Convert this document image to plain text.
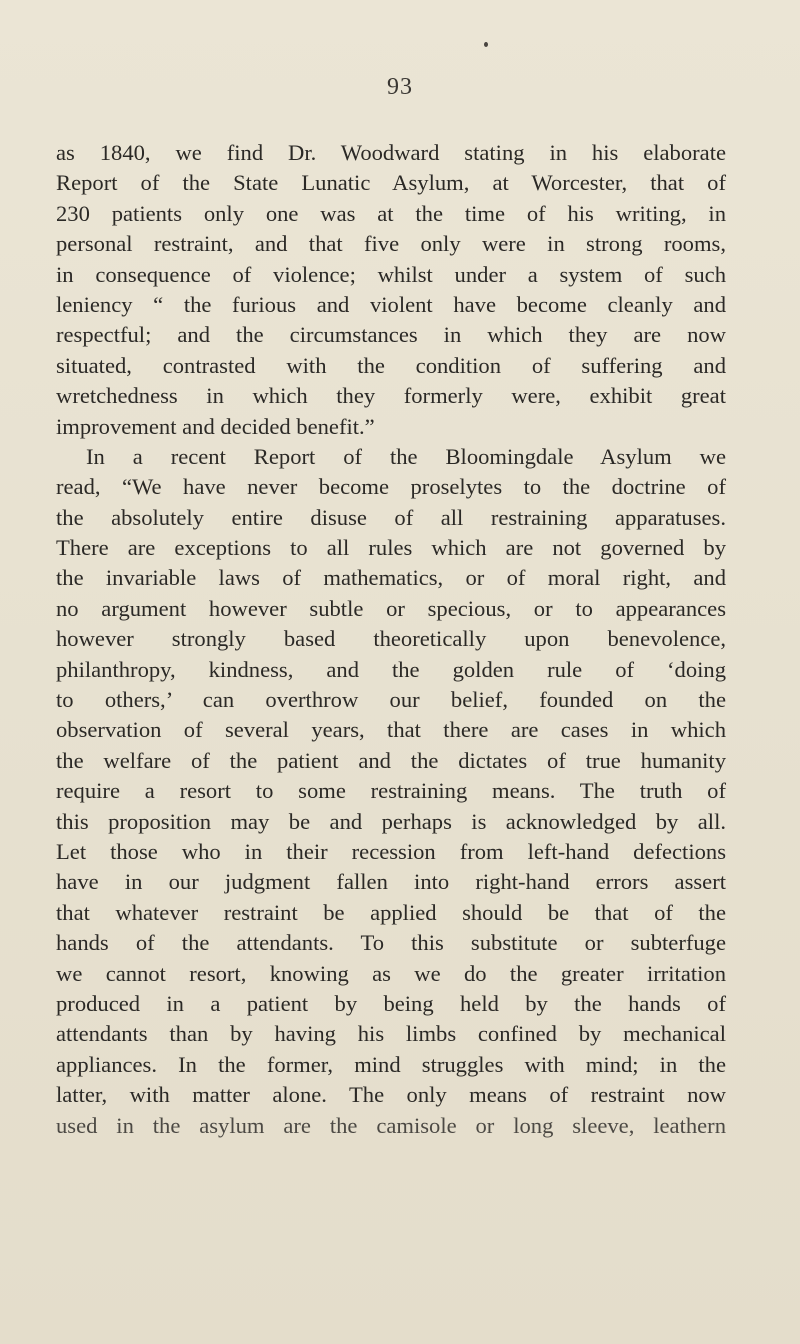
93
as 1840, we find Dr. Woodward stating in his elaborate
Report of the State Lunatic Asylum, at Worcester, that of
230 patients only one was at the time of his writing, in
personal restraint, and that five only were in strong rooms,
in consequence of violence; whilst under a system of such
leniency “ the furious and violent have become cleanly and
respectful; and the circumstances in which they are now
situated, contrasted with the condition of suffering and
wretchedness in which they formerly were, exhibit great
improvement and decided benefit.”
In a recent Report of the Bloomingdale Asylum we
read, “We have never become proselytes to the doctrine of
the absolutely entire disuse of all restraining apparatuses.
There are exceptions to all rules which are not governed by
the invariable laws of mathematics, or of moral right, and
no argument however subtle or specious, or to appearances
however strongly based theoretically upon benevolence,
philanthropy, kindness, and the golden rule of ‘doing
to others,’ can overthrow our belief, founded on the
observation of several years, that there are cases in which
the welfare of the patient and the dictates of true humanity
require a resort to some restraining means. The truth of
this proposition may be and perhaps is acknowledged by all.
Let those who in their recession from left-hand defections
have in our judgment fallen into right-hand errors assert
that whatever restraint be applied should be that of the
hands of the attendants. To this substitute or subterfuge
we cannot resort, knowing as we do the greater irritation
produced in a patient by being held by the hands of
attendants than by having his limbs confined by mechanical
appliances. In the former, mind struggles with mind; in the
latter, with matter alone. The only means of restraint now
used in the asylum are the camisole or long sleeve, leathern
